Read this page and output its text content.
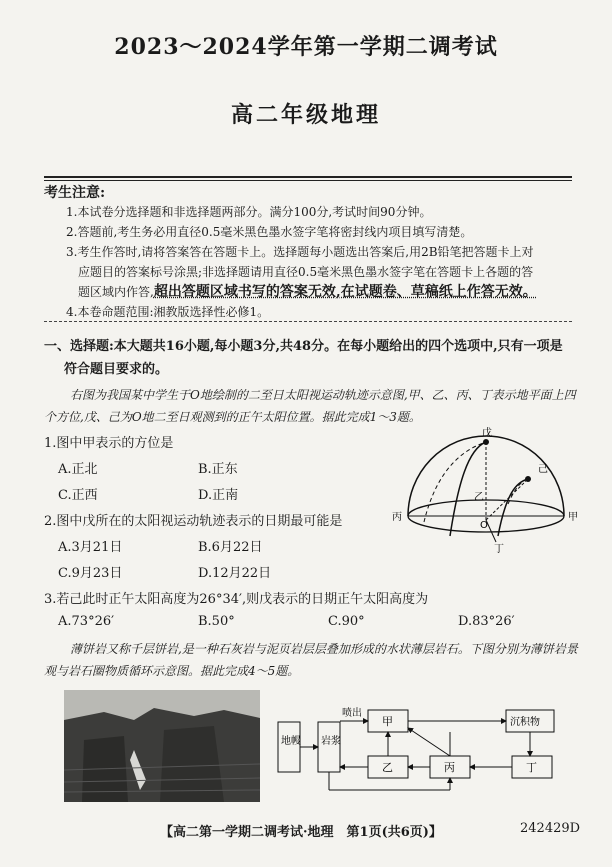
2023～2024学年第一学期二调考试
高二年级地理
考生注意:
1.本试卷分选择题和非选择题两部分。满分100分,考试时间90分钟。
2.答题前,考生务必用直径0.5毫米黑色墨水签字笔将密封线内项目填写清楚。
3.考生作答时,请将答案答在答题卡上。选择题每小题选出答案后,用2B铅笔把答题卡上对
应题目的答案标号涂黑;非选择题请用直径0.5毫米黑色墨水签字笔在答题卡上各题的答
题区域内作答,超出答题区域书写的答案无效,在试题卷、草稿纸上作答无效。
4.本卷命题范围:湘教版选择性必修1。
一、选择题:本大题共16小题,每小题3分,共48分。在每小题给出的四个选项中,只有一项是
符合题目要求的。
右图为我国某中学生于O地绘制的二至日太阳视运动轨迹示意图,甲、乙、丙、丁表示地平面上四个方位,戊、己为O地二至日观测到的正午太阳位置。据此完成1～3题。
1.图中甲表示的方位是
A.正北	B.正东
C.正西	D.正南
2.图中戊所在的太阳视运动轨迹表示的日期最可能是
A.3月21日	B.6月22日
C.9月23日	D.12月22日
3.若己此时正午太阳高度为26°34′,则戊表示的日期正午太阳高度为
A.73°26′	B.50°	C.90°	D.83°26′
薄饼岩又称千层饼岩,是一种石灰岩与泥页岩层层叠加形成的水状薄层岩石。下图分别为薄饼岩景观与岩石圈物质循环示意图。据此完成4～5题。
戊
己
乙
O
丙	甲
丁
地幔 岩浆
喷出
甲
乙	丙	丁
沉积物
【高二第一学期二调考试·地理　第1页(共6页)】	242429D
